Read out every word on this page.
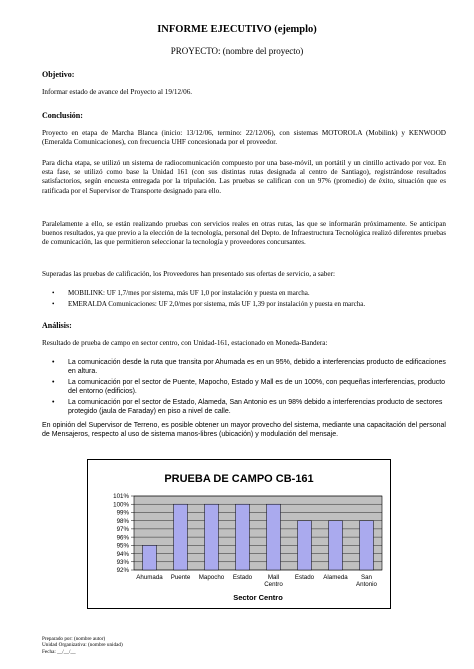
INFORME EJECUTIVO (ejemplo)
PROYECTO: (nombre del proyecto)
Objetivo:

Informar estado de avance del Proyecto al 19/12/06.

Conclusión:

Proyecto en etapa de Marcha Blanca (inicio: 13/12/06, termino: 22/12/06), con sistemas MOTOROLA (Mobilink) y KENWOOD (Emeralda Comunicaciones), con frecuencia UHF concesionada por el proveedor.

Para dicha etapa, se utilizó un sistema de radiocomunicación compuesto por una base-móvil, un portátil y un cintillo activado por voz. En esta fase, se utilizó como base la Unidad 161 (con sus distintas rutas designada al centro de Santiago), registrándose resultados satisfactorios, según encuesta entregada por la tripulación. Las pruebas se califican con un 97% (promedio) de éxito, situación que es ratificada por el Supervisor de Transporte designado para ello.

Paralelamente a ello, se están realizando pruebas con servicios reales en otras rutas, las que se informarán próximamente. Se anticipan buenos resultados, ya que previo a la elección de la tecnología, personal del Depto. de Infraestructura Tecnológica realizó diferentes pruebas de comunicación, las que permitieron seleccionar la tecnología y proveedores concursantes.

Superadas las pruebas de calificación, los Proveedores han presentado sus ofertas de servicio, a saber:

• MOBILINK: UF 1,7/mes por sistema, más UF 1,0 por instalación y puesta en marcha.
• EMERALDA Comunicaciones: UF 2,0/mes por sistema, más UF 1,39 por instalación y puesta en marcha.
Análisis:

Resultado de prueba de campo en sector centro, con Unidad-161, estacionado en Moneda-Bandera:

• La comunicación desde la ruta que transita por Ahumada es en un 95%, debido a interferencias producto de edificaciones en altura.
• La comunicación por el sector de Puente, Mapocho, Estado y Mall es de un 100%, con pequeñas interferencias, producto del entorno (edificios).
• La comunicación por el sector de Estado, Alameda, San Antonio es un 98% debido a interferencias producto de sectores protegido (jaula de Faraday) en piso a nivel de calle.

En opinión del Supervisor de Terreno, es posible obtener un mayor provecho del sistema, mediante una capacitación del personal de Mensajeros, respecto al uso de sistema manos-libres (ubicación) y modulación del mensaje.

PRUEBA DE CAMPO CB-161
92%
93%
94%
95%
96%
97%
98%
99%
100%
101%
Ahumada Puente Mapocho Estado	Mall
Centro
Estado Alameda San
Antonio
Sector Centro
Preparado por: (nombre autor)
Unidad Organizativa: (nombre unidad)
Fecha: __/__/__
